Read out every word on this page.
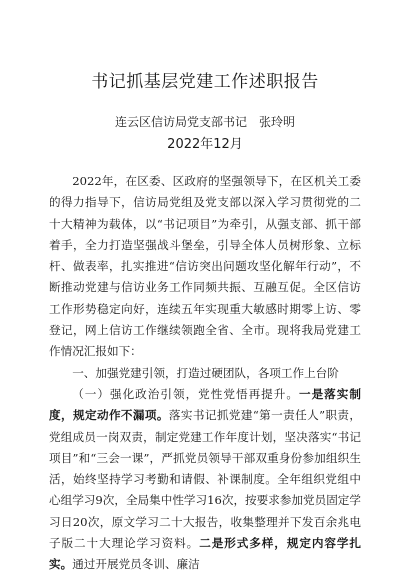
书记抓基层党建工作述职报告
连云区信访局党支部书记　张玲明
2022年12月

2022年，在区委、区政府的坚强领导下，在区机关工委的得力指导下，信访局党组及党支部以深入学习贯彻党的二十大精神为载体，以“书记项目”为牵引，从强支部、抓干部着手，全力打造坚强战斗堡垒，引导全体人员树形象、立标杆、做表率，扎实推进“信访突出问题攻坚化解年行动”，不断推动党建与信访业务工作同频共振、互融互促。全区信访工作形势稳定向好，连续五年实现重大敏感时期零上访、零登记，网上信访工作继续领跑全省、全市。现将我局党建工作情况汇报如下：

一、加强党建引领，打造过硬团队，各项工作上台阶

（一）强化政治引领，党性党悟再提升。一是落实制度，规定动作不漏项。落实书记抓党建“第一责任人”职责，党组成员一岗双责，制定党建工作年度计划，坚决落实“书记项目”和“三会一课”，严抓党员领导干部双重身份参加组织生活，始终坚持学习考勤和请假、补课制度。全年组织党组中心组学习9次，全局集中性学习16次，按要求参加党员固定学习日20次，原文学习二十大报告，收集整理并下发百余兆电子版二十大理论学习资料。二是形式多样，规定内容学扎实。通过开展党员冬训、廉洁
